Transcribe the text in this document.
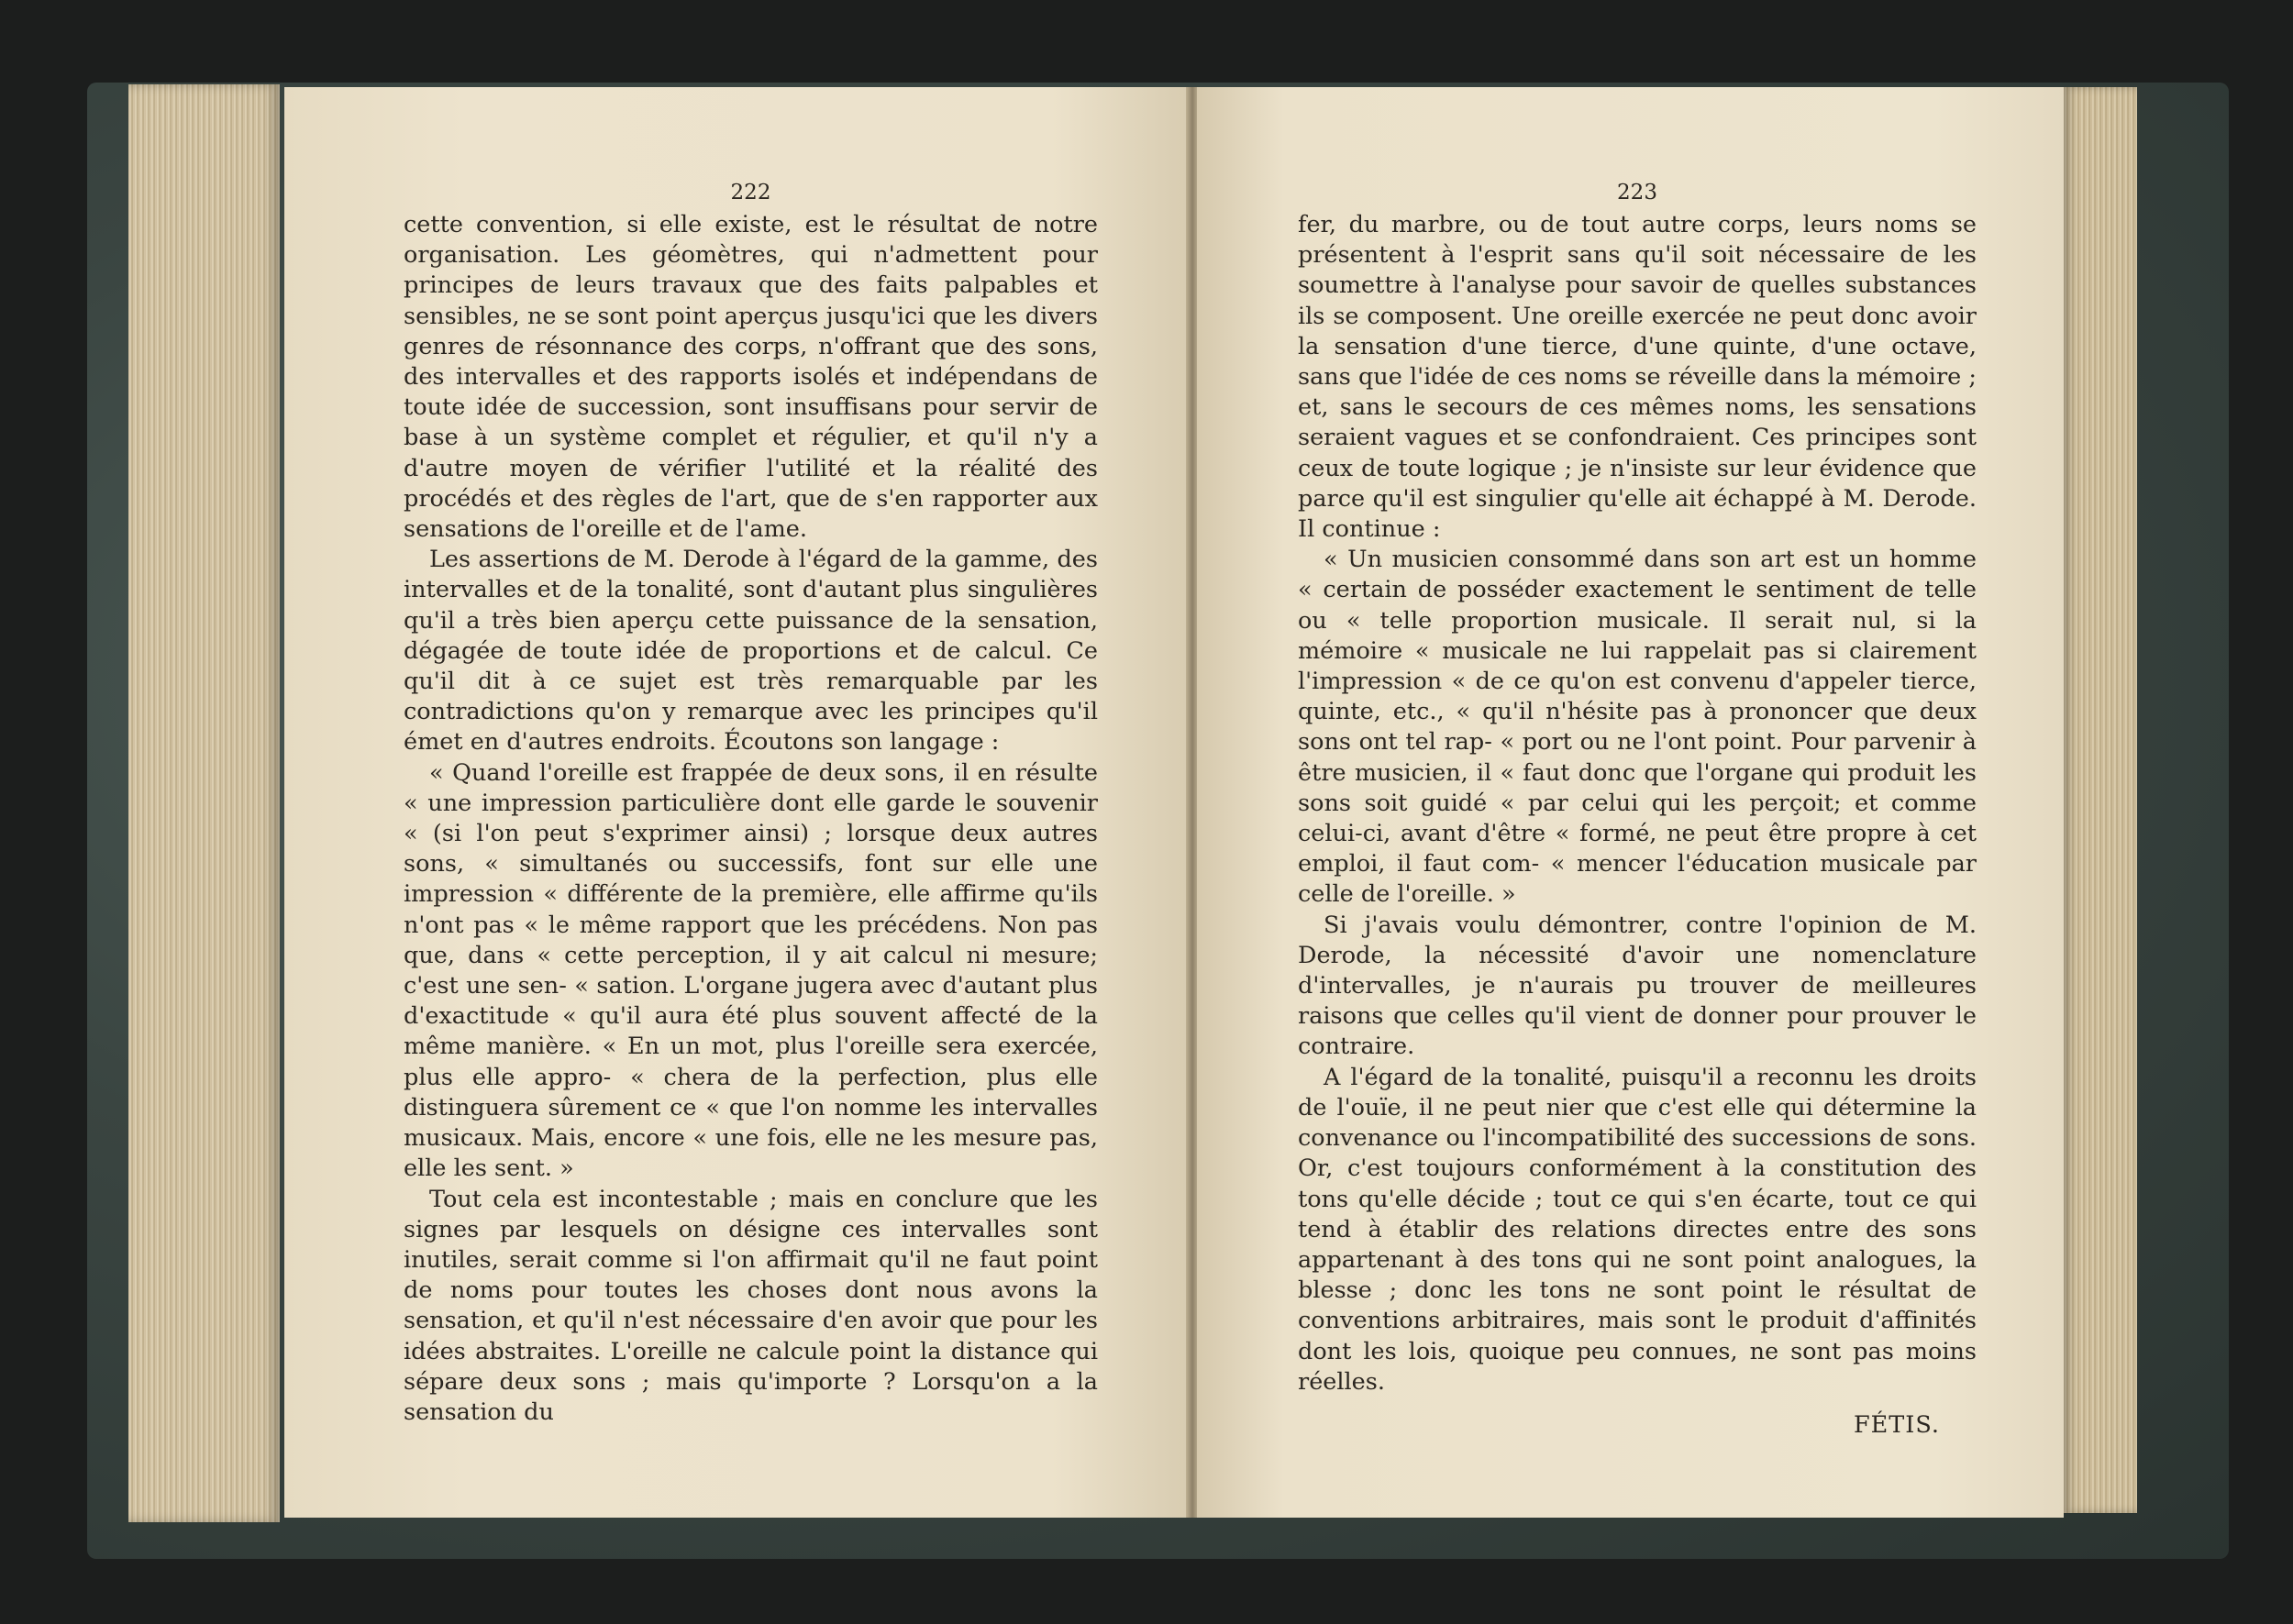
222

cette convention, si elle existe, est le résultat de notre organisation. Les géomètres, qui n'admettent pour principes de leurs travaux que des faits palpables et sensibles, ne se sont point aperçus jusqu'ici que les divers genres de résonnance des corps, n'offrant que des sons, des intervalles et des rapports isolés et indépendans de toute idée de succession, sont insuffisans pour servir de base à un système complet et régulier, et qu'il n'y a d'autre moyen de vérifier l'utilité et la réalité des procédés et des règles de l'art, que de s'en rapporter aux sensations de l'oreille et de l'ame.

Les assertions de M. Derode à l'égard de la gamme, des intervalles et de la tonalité, sont d'autant plus singulières qu'il a très bien aperçu cette puissance de la sensation, dégagée de toute idée de proportions et de calcul. Ce qu'il dit à ce sujet est très remarquable par les contradictions qu'on y remarque avec les principes qu'il émet en d'autres endroits. Écoutons son langage :

« Quand l'oreille est frappée de deux sons, il en résulte « une impression particulière dont elle garde le souvenir « (si l'on peut s'exprimer ainsi) ; lorsque deux autres sons, « simultanés ou successifs, font sur elle une impression « différente de la première, elle affirme qu'ils n'ont pas « le même rapport que les précédens. Non pas que, dans « cette perception, il y ait calcul ni mesure; c'est une sen- « sation. L'organe jugera avec d'autant plus d'exactitude « qu'il aura été plus souvent affecté de la même manière. « En un mot, plus l'oreille sera exercée, plus elle appro- « chera de la perfection, plus elle distinguera sûrement ce « que l'on nomme les intervalles musicaux. Mais, encore « une fois, elle ne les mesure pas, elle les sent. »

Tout cela est incontestable ; mais en conclure que les signes par lesquels on désigne ces intervalles sont inutiles, serait comme si l'on affirmait qu'il ne faut point de noms pour toutes les choses dont nous avons la sensation, et qu'il n'est nécessaire d'en avoir que pour les idées abstraites. L'oreille ne calcule point la distance qui sépare deux sons ; mais qu'importe ? Lorsqu'on a la sensation du

223

fer, du marbre, ou de tout autre corps, leurs noms se présentent à l'esprit sans qu'il soit nécessaire de les soumettre à l'analyse pour savoir de quelles substances ils se composent. Une oreille exercée ne peut donc avoir la sensation d'une tierce, d'une quinte, d'une octave, sans que l'idée de ces noms se réveille dans la mémoire ; et, sans le secours de ces mêmes noms, les sensations seraient vagues et se confondraient. Ces principes sont ceux de toute logique ; je n'insiste sur leur évidence que parce qu'il est singulier qu'elle ait échappé à M. Derode. Il continue :

« Un musicien consommé dans son art est un homme « certain de posséder exactement le sentiment de telle ou « telle proportion musicale. Il serait nul, si la mémoire « musicale ne lui rappelait pas si clairement l'impression « de ce qu'on est convenu d'appeler tierce, quinte, etc., « qu'il n'hésite pas à prononcer que deux sons ont tel rap- « port ou ne l'ont point. Pour parvenir à être musicien, il « faut donc que l'organe qui produit les sons soit guidé « par celui qui les perçoit; et comme celui-ci, avant d'être « formé, ne peut être propre à cet emploi, il faut com- « mencer l'éducation musicale par celle de l'oreille. »

Si j'avais voulu démontrer, contre l'opinion de M. Derode, la nécessité d'avoir une nomenclature d'intervalles, je n'aurais pu trouver de meilleures raisons que celles qu'il vient de donner pour prouver le contraire.

A l'égard de la tonalité, puisqu'il a reconnu les droits de l'ouïe, il ne peut nier que c'est elle qui détermine la convenance ou l'incompatibilité des successions de sons. Or, c'est toujours conformément à la constitution des tons qu'elle décide ; tout ce qui s'en écarte, tout ce qui tend à établir des relations directes entre des sons appartenant à des tons qui ne sont point analogues, la blesse ; donc les tons ne sont point le résultat de conventions arbitraires, mais sont le produit d'affinités dont les lois, quoique peu connues, ne sont pas moins réelles.

FÉTIS.
